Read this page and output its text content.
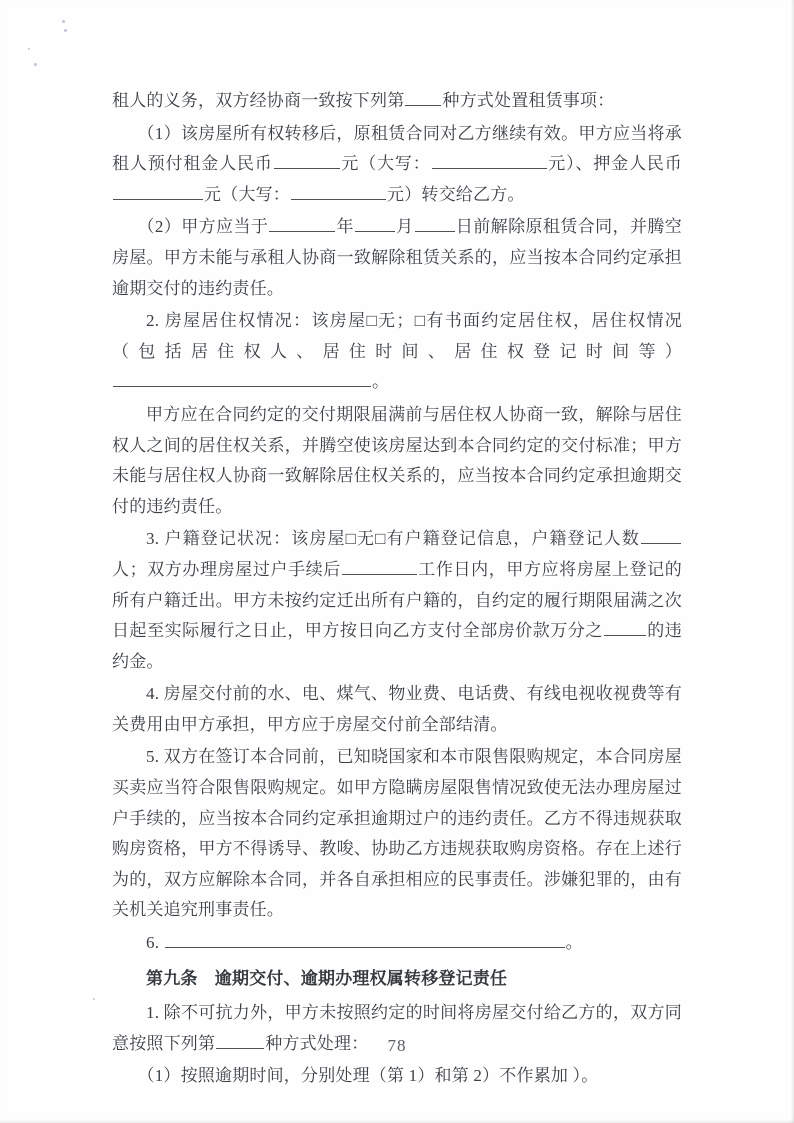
租人的义务，双方经协商一致按下列第 种方式处置租赁事项：

（1）该房屋所有权转移后，原租赁合同对乙方继续有效。甲方应当将承租人预付租金人民币	元（大写：	元）、押金人民币元（大写：	元）转交给乙方。

（2）甲方应当于	年 月 日前解除原租赁合同，并腾空房屋。甲方未能与承租人协商一致解除租赁关系的，应当按本合同约定承担逾期交付的违约责任。

2. 房屋居住权情况：该房屋□无；□有书面约定居住权，居住权情况（包括居住权人、居住时间、居住权登记时间等）。

甲方应在合同约定的交付期限届满前与居住权人协商一致，解除与居住权人之间的居住权关系，并腾空使该房屋达到本合同约定的交付标准；甲方未能与居住权人协商一致解除居住权关系的，应当按本合同约定承担逾期交付的违约责任。

3. 户籍登记状况：该房屋□无□有户籍登记信息，户籍登记人数人；双方办理房屋过户手续后	工作日内，甲方应将房屋上登记的所有户籍迁出。甲方未按约定迁出所有户籍的，自约定的履行期限届满之次日起至实际履行之日止，甲方按日向乙方支付全部房价款万分之	的违约金。

4. 房屋交付前的水、电、煤气、物业费、电话费、有线电视收视费等有关费用由甲方承担，甲方应于房屋交付前全部结清。

5. 双方在签订本合同前，已知晓国家和本市限售限购规定，本合同房屋买卖应当符合限售限购规定。如甲方隐瞒房屋限售情况致使无法办理房屋过户手续的，应当按本合同约定承担逾期过户的违约责任。乙方不得违规获取购房资格，甲方不得诱导、教唆、协助乙方违规获取购房资格。存在上述行为的，双方应解除本合同，并各自承担相应的民事责任。涉嫌犯罪的，由有关机关追究刑事责任。

6.	。

第九条　逾期交付、逾期办理权属转移登记责任

1. 除不可抗力外，甲方未按照约定的时间将房屋交付给乙方的，双方同意按照下列第	种方式处理：

（1）按照逾期时间，分别处理（第 1）和第 2）不作累加 ）。

78
